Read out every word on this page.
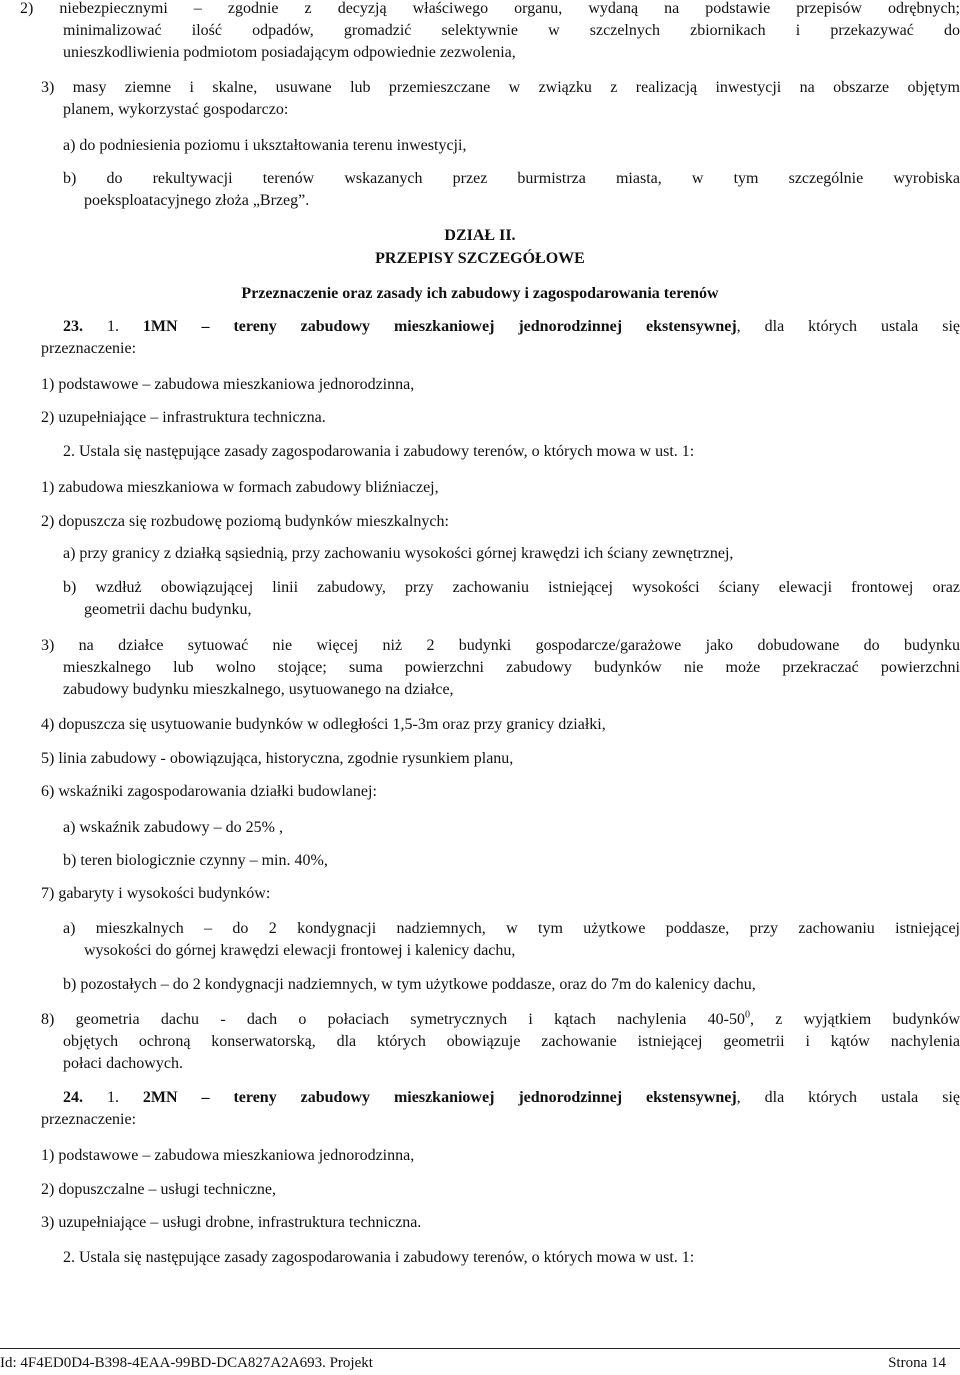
2) niebezpiecznymi – zgodnie z decyzją właściwego organu, wydaną na podstawie przepisów odrębnych;
minimalizować ilość odpadów, gromadzić selektywnie w szczelnych zbiornikach i przekazywać do
unieszkodliwienia podmiotom posiadającym odpowiednie zezwolenia,
3) masy ziemne i skalne, usuwane lub przemieszczane w związku z realizacją inwestycji na obszarze objętym
planem, wykorzystać gospodarczo:
a) do podniesienia poziomu i ukształtowania terenu inwestycji,
b) do rekultywacji terenów wskazanych przez burmistrza miasta, w tym szczególnie wyrobiska
poeksploatacyjnego złoża „Brzeg”.
DZIAŁ II.
PRZEPISY SZCZEGÓŁOWE
Przeznaczenie oraz zasady ich zabudowy i zagospodarowania terenów
23. 1. 1MN – tereny zabudowy mieszkaniowej jednorodzinnej ekstensywnej, dla których ustala się
przeznaczenie:
1) podstawowe – zabudowa mieszkaniowa jednorodzinna,
2) uzupełniające – infrastruktura techniczna.
2. Ustala się następujące zasady zagospodarowania i zabudowy terenów, o których mowa w ust. 1:
1) zabudowa mieszkaniowa w formach zabudowy bliźniaczej,
2) dopuszcza się rozbudowę poziomą budynków mieszkalnych:
a) przy granicy z działką sąsiednią, przy zachowaniu wysokości górnej krawędzi ich ściany zewnętrznej,
b) wzdłuż obowiązującej linii zabudowy, przy zachowaniu istniejącej wysokości ściany elewacji frontowej oraz
geometrii dachu budynku,
3) na działce sytuować nie więcej niż 2 budynki gospodarcze/garażowe jako dobudowane do budynku
mieszkalnego lub wolno stojące; suma powierzchni zabudowy budynków nie może przekraczać powierzchni
zabudowy budynku mieszkalnego, usytuowanego na działce,
4) dopuszcza się usytuowanie budynków w odległości 1,5-3m oraz przy granicy działki,
5) linia zabudowy - obowiązująca, historyczna, zgodnie rysunkiem planu,
6) wskaźniki zagospodarowania działki budowlanej:
a) wskaźnik zabudowy – do 25% ,
b) teren biologicznie czynny – min. 40%,
7) gabaryty i wysokości budynków:
a) mieszkalnych – do 2 kondygnacji nadziemnych, w tym użytkowe poddasze, przy zachowaniu istniejącej
wysokości do górnej krawędzi elewacji frontowej i kalenicy dachu,
b) pozostałych – do 2 kondygnacji nadziemnych, w tym użytkowe poddasze, oraz do 7m do kalenicy dachu,
8) geometria dachu - dach o połaciach symetrycznych i kątach nachylenia $40-50^0$, z wyjątkiem budynków
objętych ochroną konserwatorską, dla których obowiązuje zachowanie istniejącej geometrii i kątów nachylenia
połaci dachowych.
24. 1. 2MN – tereny zabudowy mieszkaniowej jednorodzinnej ekstensywnej, dla których ustala się
przeznaczenie:
1) podstawowe – zabudowa mieszkaniowa jednorodzinna,
2) dopuszczalne – usługi techniczne,
3) uzupełniające – usługi drobne, infrastruktura techniczna.
2. Ustala się następujące zasady zagospodarowania i zabudowy terenów, o których mowa w ust. 1:
Id: 4F4ED0D4-B398-4EAA-99BD-DCA827A2A693. Projekt	Strona 14
